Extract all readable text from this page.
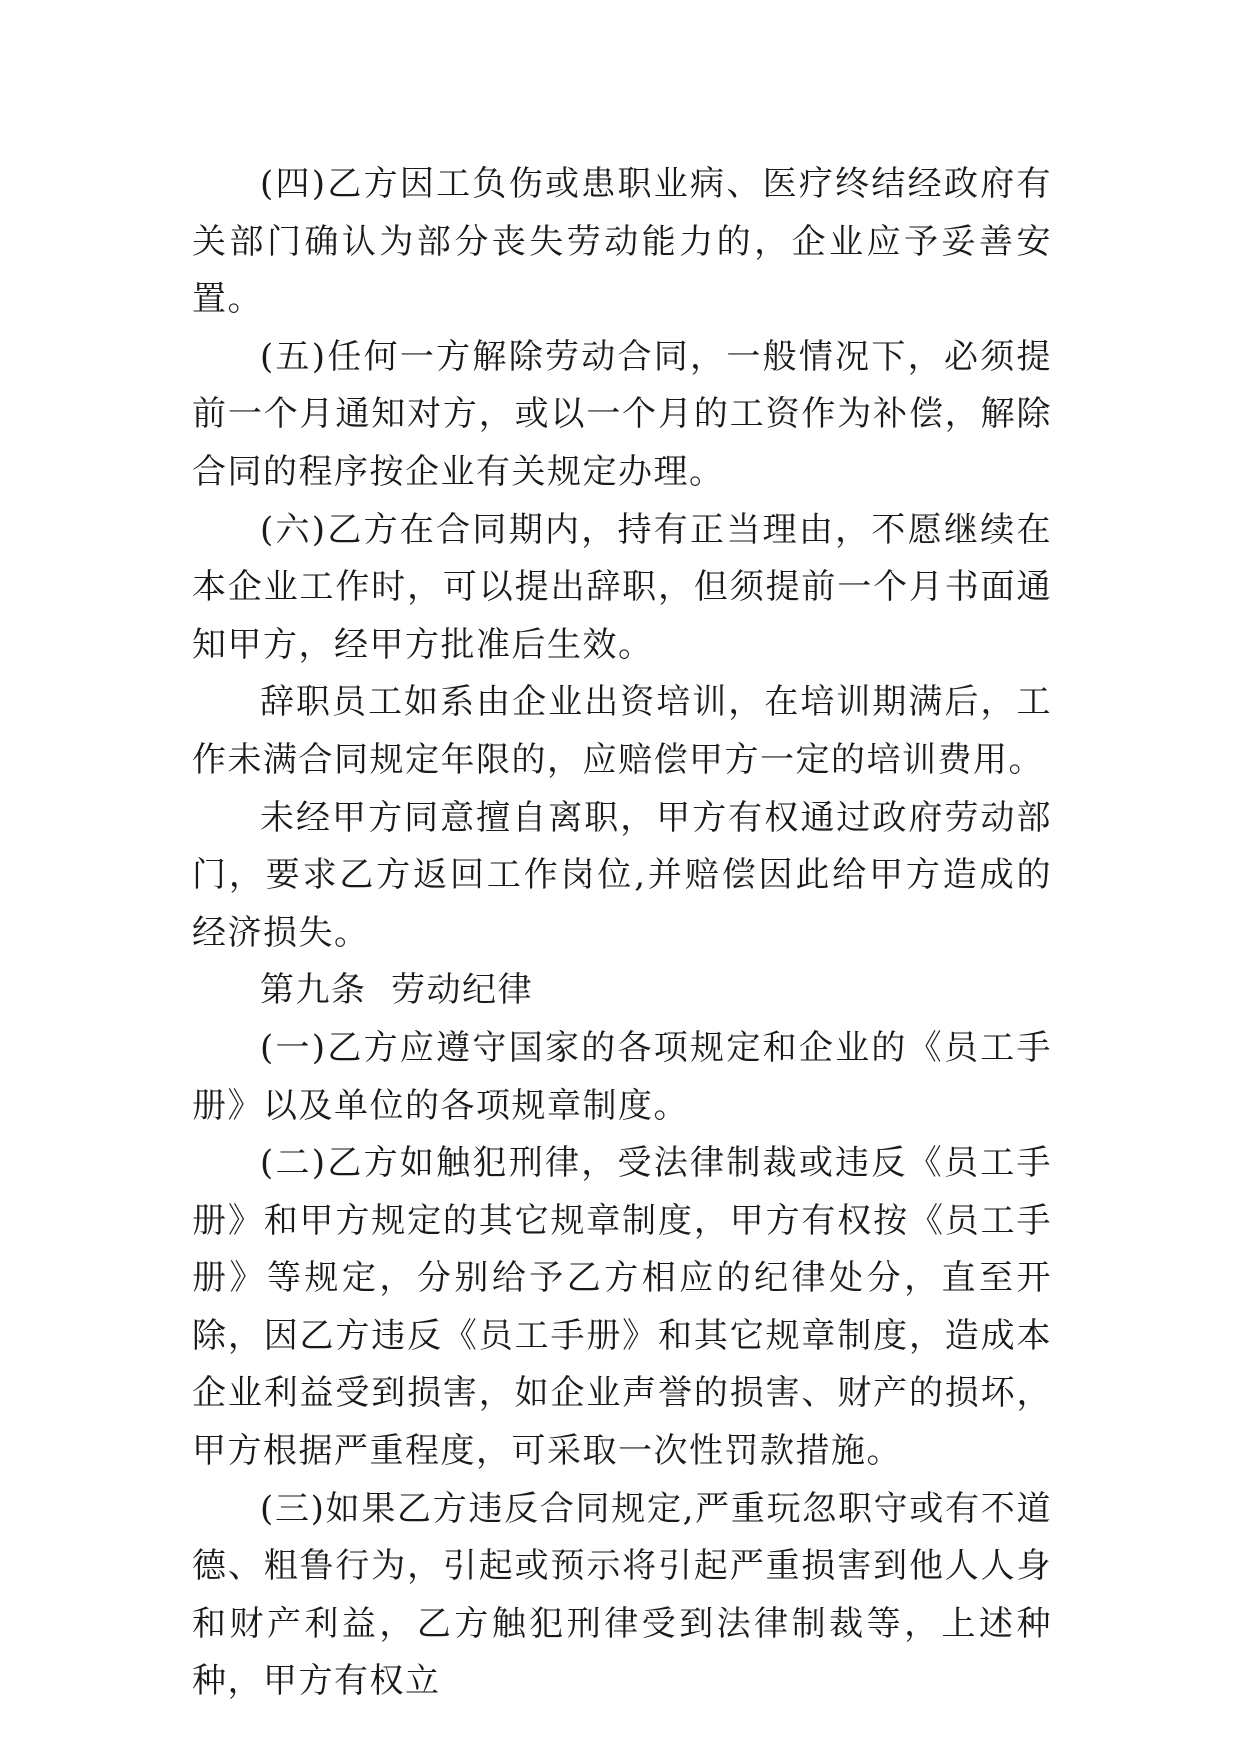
(四)乙方因工负伤或患职业病、医疗终结经政府有关部门确认为部分丧失劳动能力的，企业应予妥善安置。

(五)任何一方解除劳动合同，一般情况下，必须提前一个月通知对方，或以一个月的工资作为补偿，解除合同的程序按企业有关规定办理。

(六)乙方在合同期内，持有正当理由，不愿继续在本企业工作时，可以提出辞职，但须提前一个月书面通知甲方，经甲方批准后生效。

辞职员工如系由企业出资培训，在培训期满后，工作未满合同规定年限的，应赔偿甲方一定的培训费用。

未经甲方同意擅自离职，甲方有权通过政府劳动部门，要求乙方返回工作岗位,并赔偿因此给甲方造成的经济损失。

第九条  劳动纪律

(一)乙方应遵守国家的各项规定和企业的《员工手册》以及单位的各项规章制度。

(二)乙方如触犯刑律，受法律制裁或违反《员工手册》和甲方规定的其它规章制度，甲方有权按《员工手册》等规定，分别给予乙方相应的纪律处分，直至开除，因乙方违反《员工手册》和其它规章制度，造成本企业利益受到损害，如企业声誉的损害、财产的损坏，甲方根据严重程度，可采取一次性罚款措施。

(三)如果乙方违反合同规定,严重玩忽职守或有不道德、粗鲁行为，引起或预示将引起严重损害到他人人身和财产利益，乙方触犯刑律受到法律制裁等，上述种种，甲方有权立
